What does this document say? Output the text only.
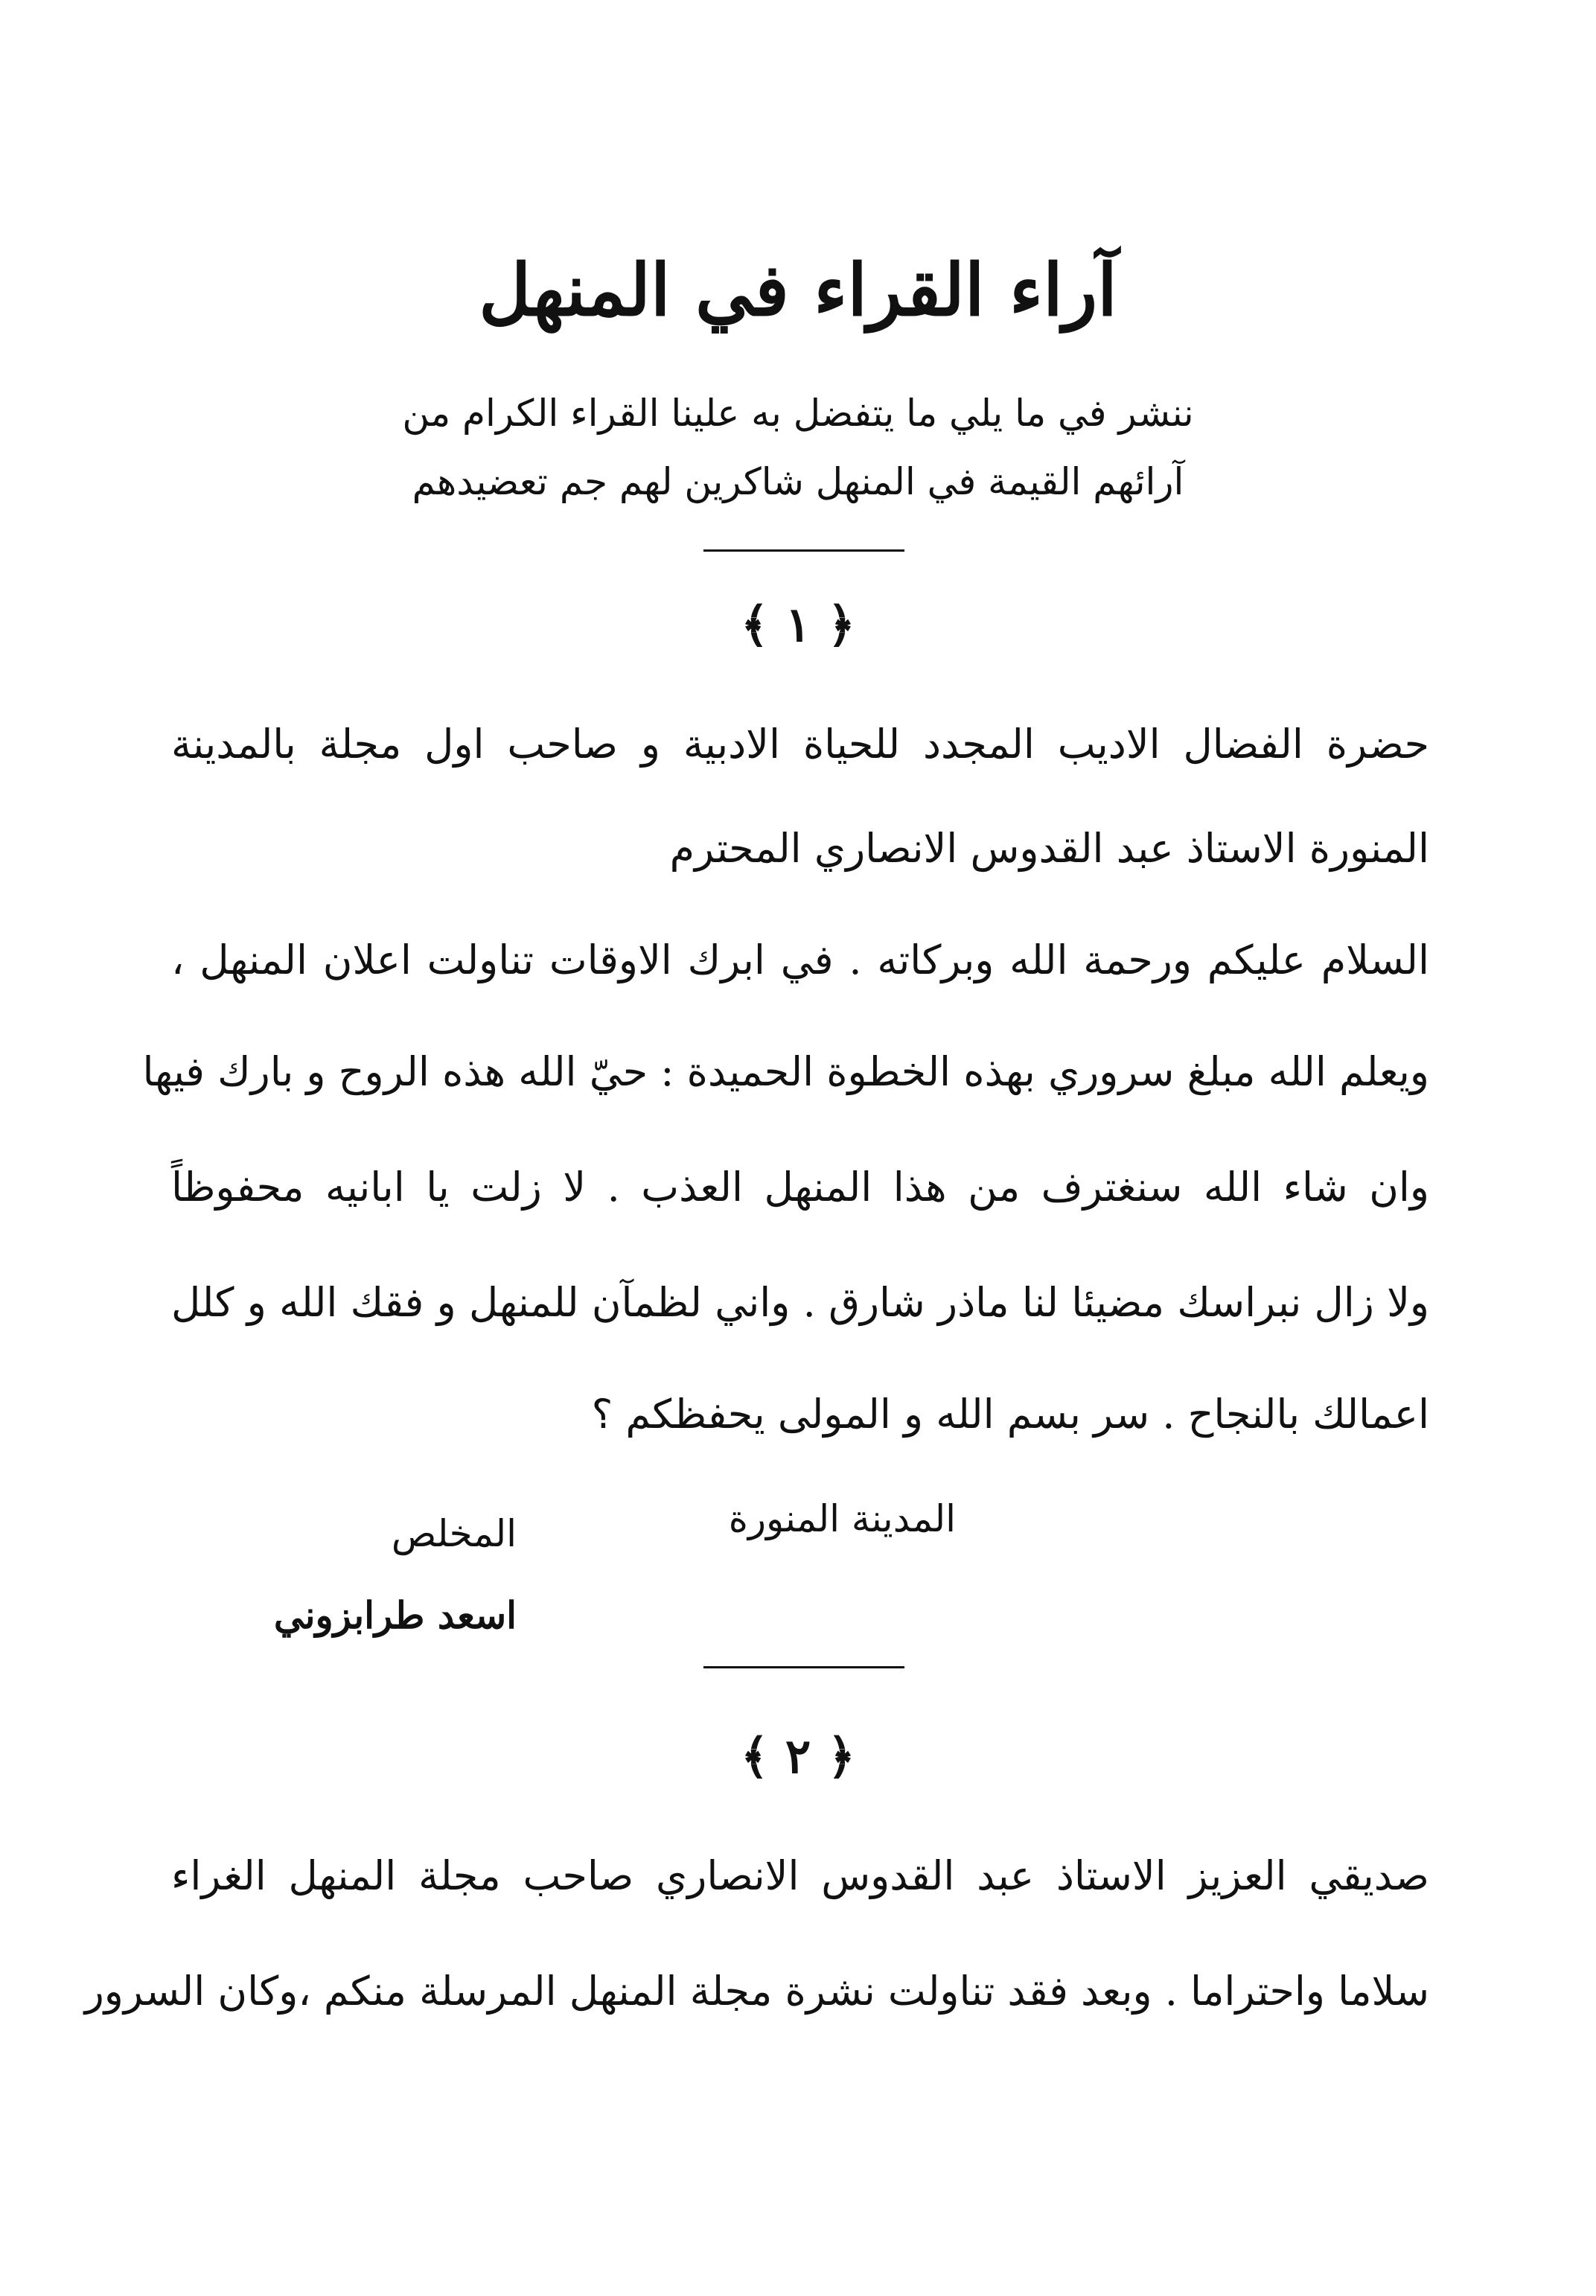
آراء القراء في المنهل
ننشر في ما يلي ما يتفضل به علينا القراء الكرام من
آرائهم القيمة في المنهل شاكرين لهم جم تعضيدهم
﴿ ١ ﴾
حضرة الفضال الاديب المجدد للحياة الادبية و صاحب اول مجلة بالمدينة
المنورة الاستاذ عبد القدوس الانصاري المحترم
السلام عليكم ورحمة الله وبركاته . في ابرك الاوقات تناولت اعلان المنهل ،
ويعلم الله مبلغ سروري بهذه الخطوة الحميدة : حيّ الله هذه الروح و بارك فيها
وان شاء الله سنغترف من هذا المنهل العذب . لا زلت يا ابانيه محفوظاً
ولا زال نبراسك مضيئا لنا ماذر شارق . واني لظمآن للمنهل و فقك الله و كلل
اعمالك بالنجاح . سر بسم الله و المولى يحفظكم ؟
المدينة المنورة
المخلص
اسعد طرابزوني
﴿ ٢ ﴾
صديقي العزيز الاستاذ عبد القدوس الانصاري صاحب مجلة المنهل الغراء
سلاما واحتراما . وبعد فقد تناولت نشرة مجلة المنهل المرسلة منكم ،وكان السرور
